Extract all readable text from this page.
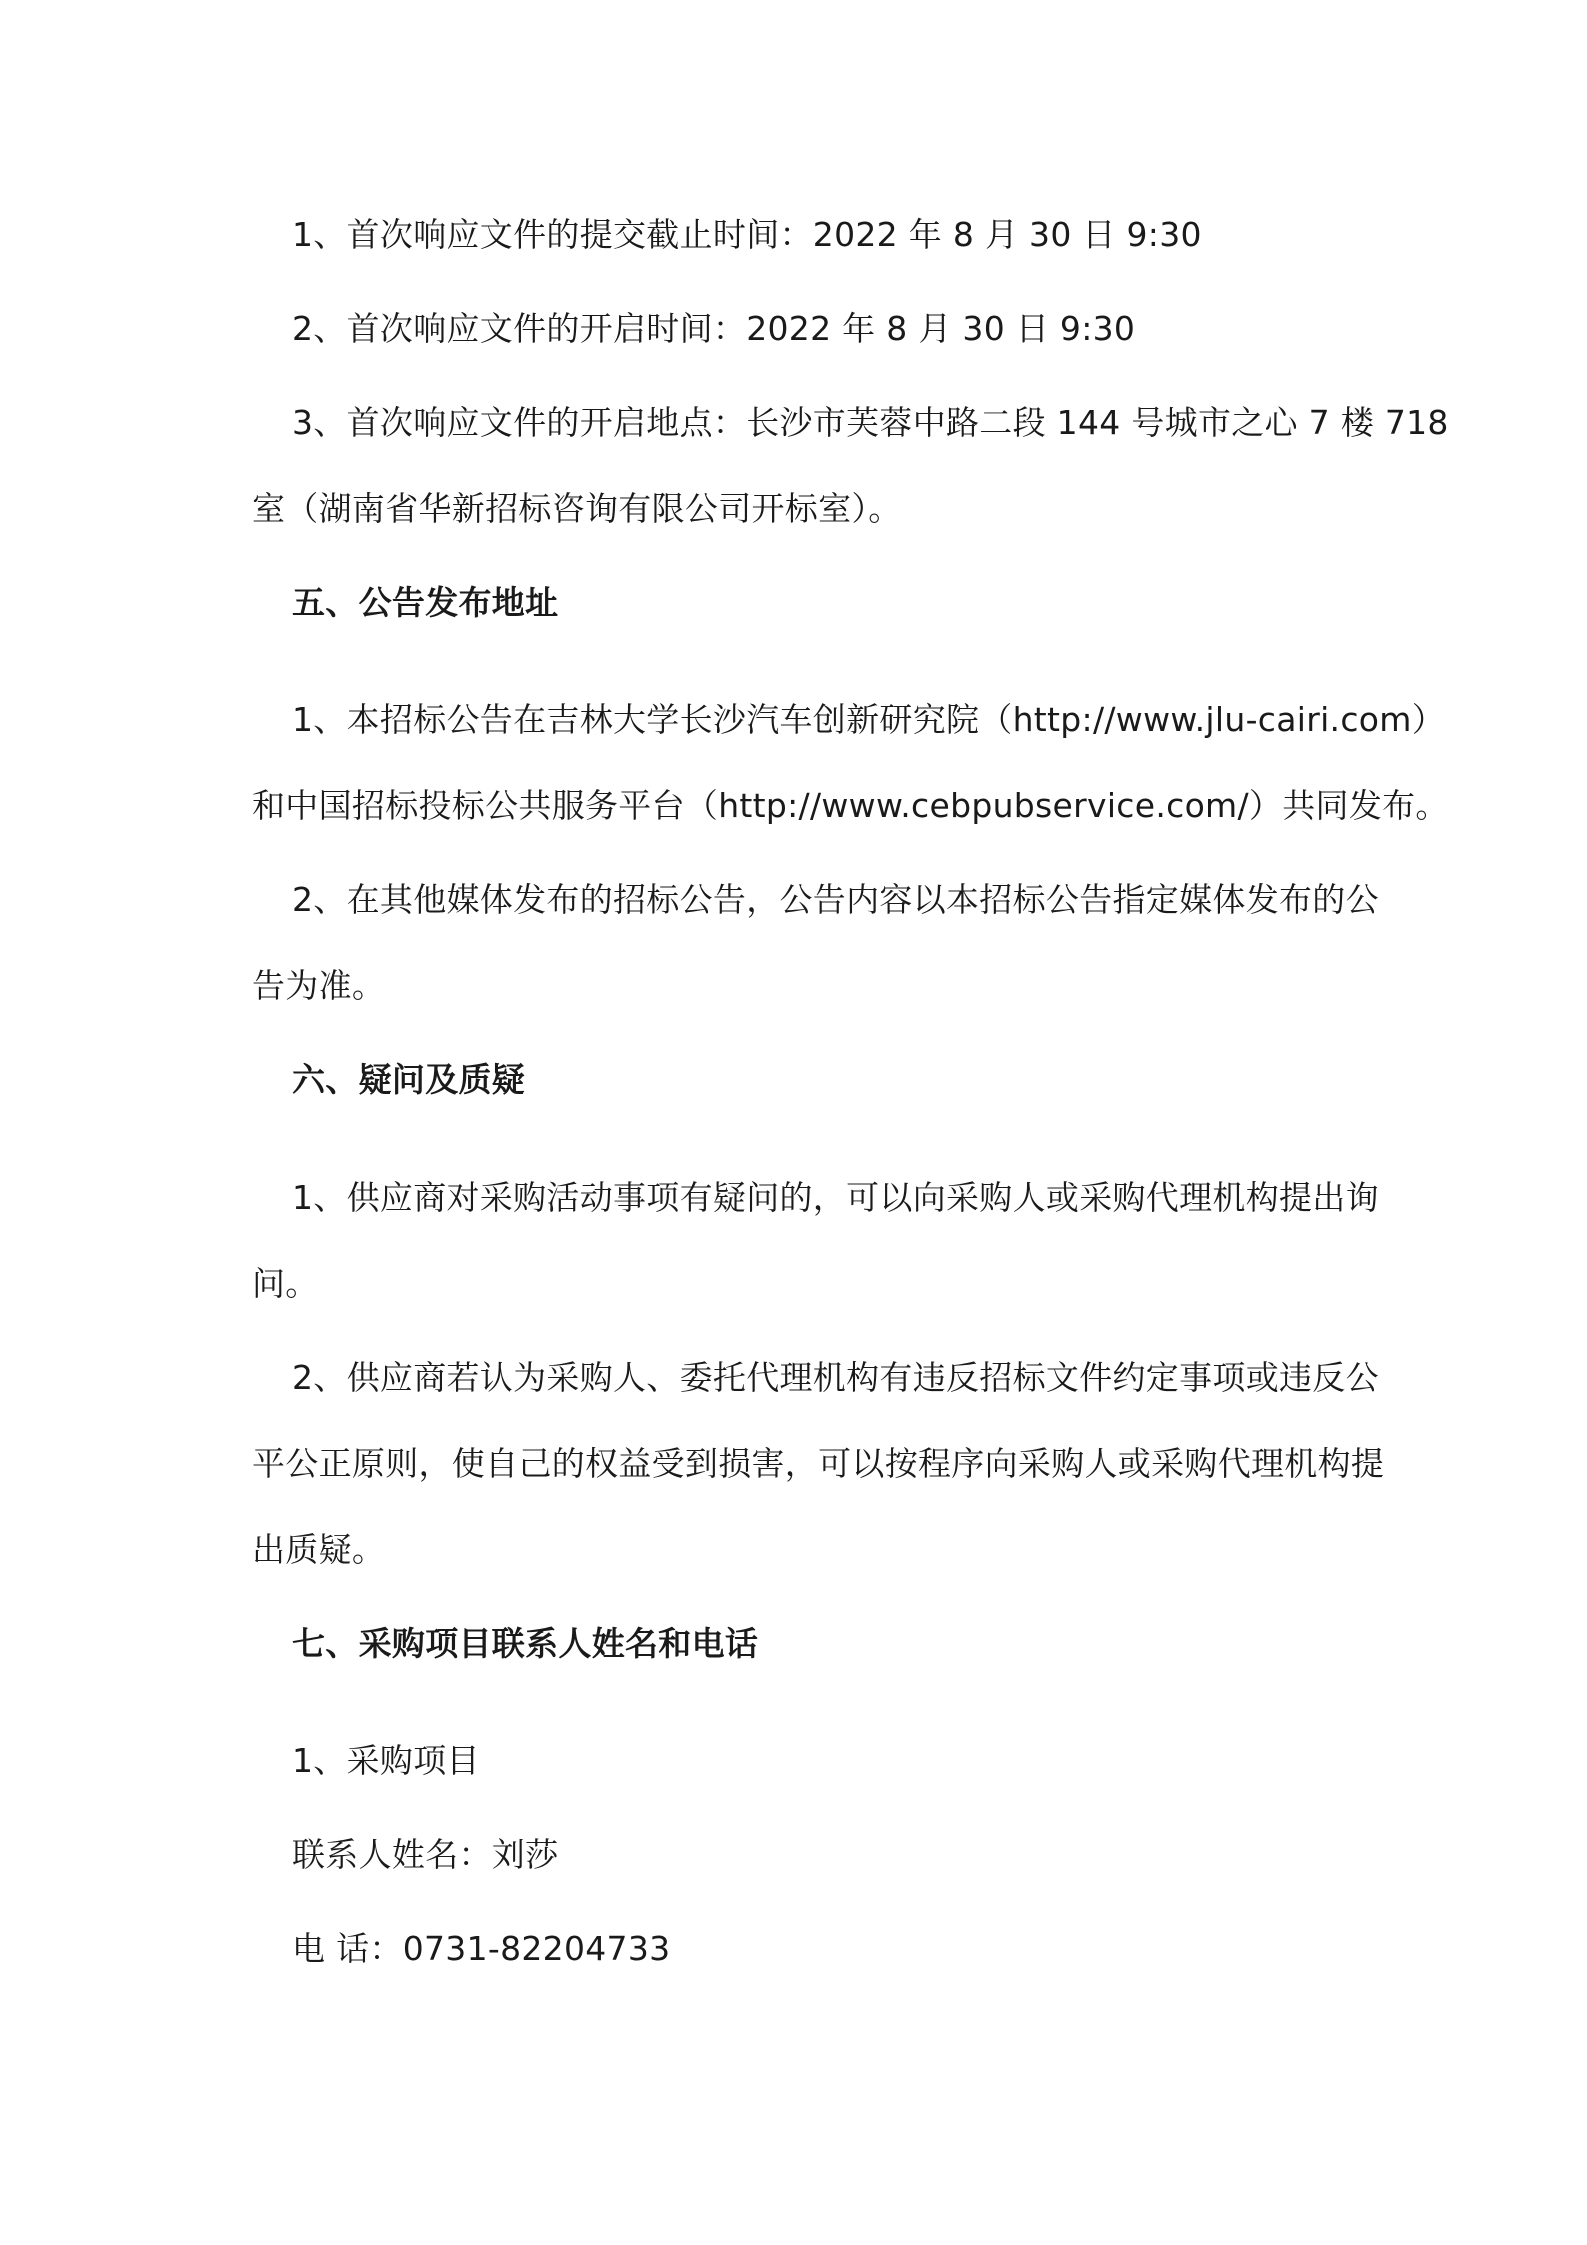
1、首次响应文件的提交截止时间：2022 年 8 月 30 日 9:30
2、首次响应文件的开启时间：2022 年 8 月 30 日 9:30
3、首次响应文件的开启地点：长沙市芙蓉中路二段 144 号城市之心 7 楼 718
室（湖南省华新招标咨询有限公司开标室）。
五、公告发布地址
1、本招标公告在吉林大学长沙汽车创新研究院（http://www.jlu-cairi.com）
和中国招标投标公共服务平台（http://www.cebpubservice.com/）共同发布。
2、在其他媒体发布的招标公告，公告内容以本招标公告指定媒体发布的公
告为准。
六、疑问及质疑
1、供应商对采购活动事项有疑问的，可以向采购人或采购代理机构提出询
问。
2、供应商若认为采购人、委托代理机构有违反招标文件约定事项或违反公
平公正原则，使自己的权益受到损害，可以按程序向采购人或采购代理机构提
出质疑。
七、采购项目联系人姓名和电话
1、采购项目
联系人姓名：刘莎
电 话：0731-82204733
